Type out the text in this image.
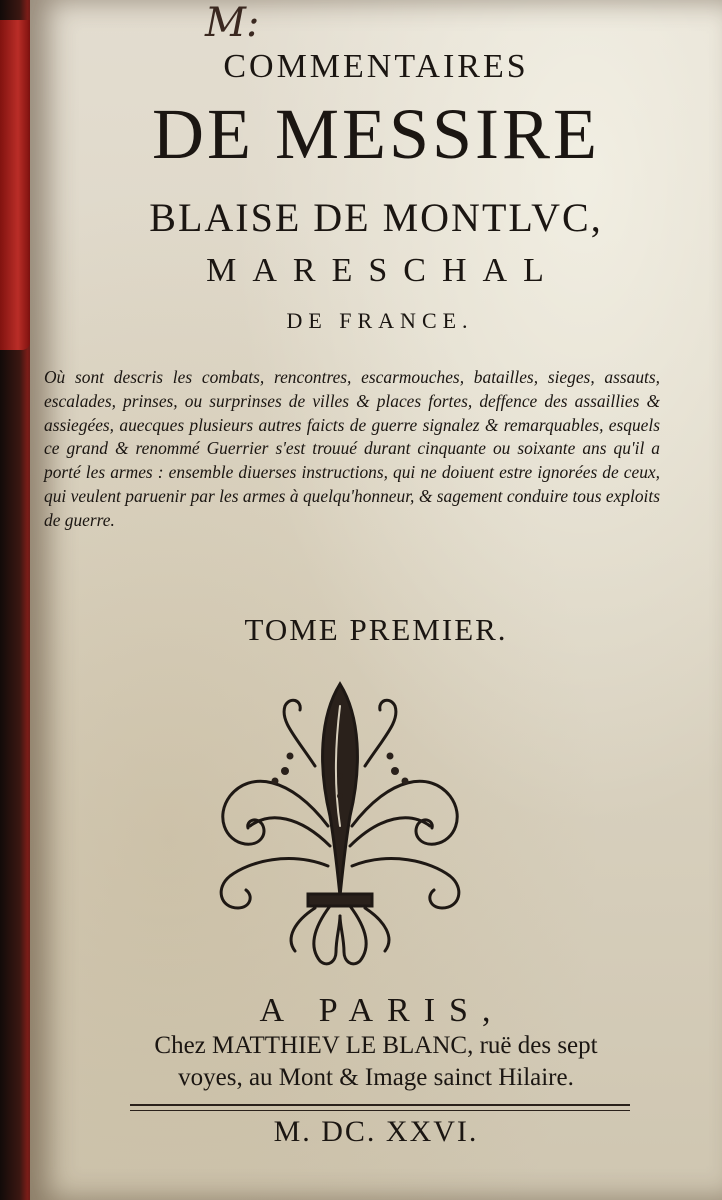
M:
COMMENTAIRES
DE MESSIRE
BLAISE DE MONTLVC,
MARESCHAL
DE FRANCE.
Où sont descris les combats, rencontres, escarmouches, batailles, sieges, assauts, escalades, prinses, ou surprinses de villes & places fortes, deffence des assaillies & assiegées, auecques plusieurs autres faicts de guerre signalez & remarquables, esquels ce grand & renommé Guerrier s'est trouué durant cinquante ou soixante ans qu'il a porté les armes : ensemble diuerses instructions, qui ne doiuent estre ignorées de ceux, qui veulent paruenir par les armes à quelqu'honneur, & sagement conduire tous exploits de guerre.
TOME PREMIER.
A PARIS,
Chez MATTHIEV LE BLANC, ruë des sept
voyes, au Mont & Image sainct Hilaire.
M. DC. XXVI.
